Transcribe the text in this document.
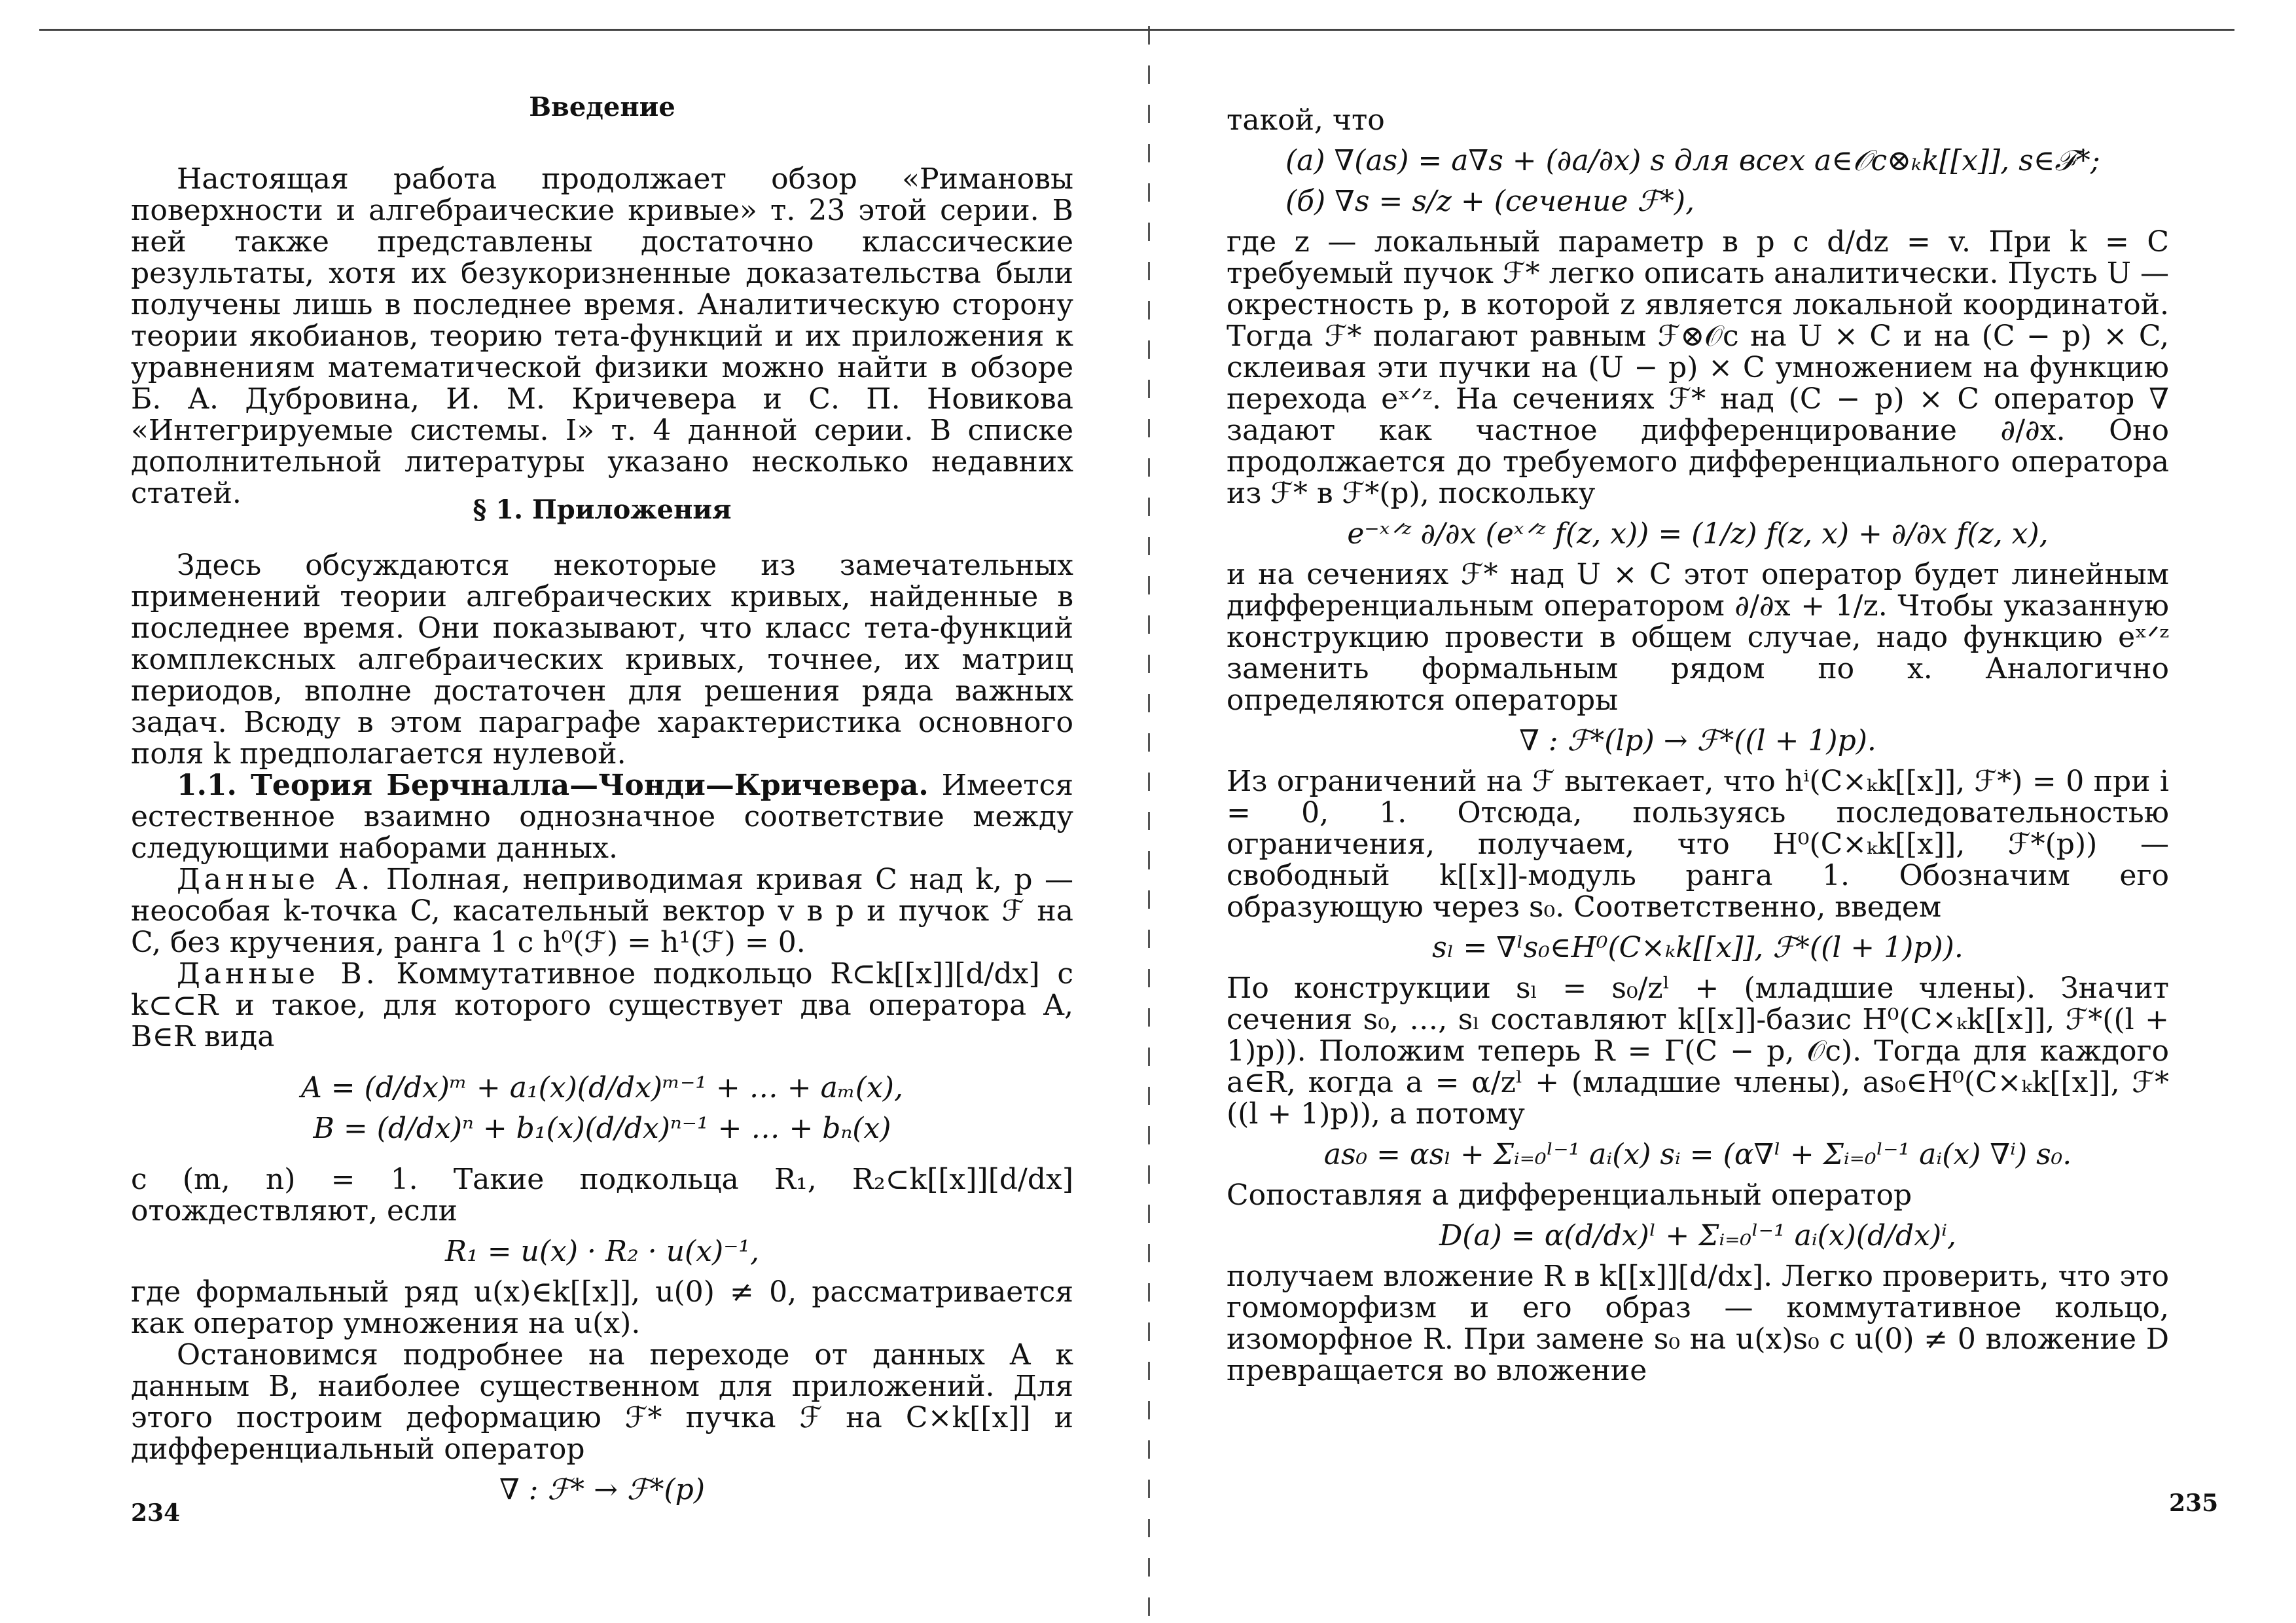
Введение

Настоящая работа продолжает обзор «Римановы поверхности и алгебраические кривые» т. 23 этой серии. В ней также представлены достаточно классические результаты, хотя их безукоризненные доказательства были получены лишь в последнее время. Аналитическую сторону теории якобианов, теорию тета-функций и их приложения к уравнениям математической физики можно найти в обзоре Б. А. Дубровина, И. М. Кричевера и С. П. Новикова «Интегрируемые системы. I» т. 4 данной серии. В списке дополнительной литературы указано несколько недавних статей.	§ 1. Приложения

Здесь обсуждаются некоторые из замечательных применений теории алгебраических кривых, найденные в последнее время. Они показывают, что класс тета-функций комплексных алгебраических кривых, точнее, их матриц периодов, вполне достаточен для решения ряда важных задач. Всюду в этом параграфе характеристика основного поля k предполагается нулевой.

1.1. Теория Берчналла—Чонди—Кричевера. Имеется естественное взаимно однозначное соответствие между следующими наборами данных.

Данные А. Полная, неприводимая кривая C над k, p — неособая k-точка C, касательный вектор v в p и пучок ℱ на C, без кручения, ранга 1 с h⁰(ℱ) = h¹(ℱ) = 0.

Данные В. Коммутативное подкольцо R⊂k[[x]][d/dx] с k⊂⊂R и такое, для которого существует два оператора A, B∈R вида

A = (d/dx)ᵐ + a₁(x)(d/dx)ᵐ⁻¹ + … + aₘ(x),

B = (d/dx)ⁿ + b₁(x)(d/dx)ⁿ⁻¹ + … + bₙ(x)

с (m, n) = 1. Такие подкольца R₁, R₂⊂k[[x]][d/dx] отождествляют, если

R₁ = u(x) · R₂ · u(x)⁻¹,

где формальный ряд u(x)∈k[[x]], u(0) ≠ 0, рассматривается как оператор умножения на u(x).

Остановимся подробнее на переходе от данных A к данным B, наиболее существенном для приложений. Для этого построим деформацию ℱ* пучка ℱ на C⨯k[[x]] и дифференциальный оператор

∇ : ℱ* → ℱ*(p)

234

такой, что

(а) ∇(as) = a∇s + (∂a/∂x) s для всех a∈𝒪c⊗ₖk[[x]], s∈ℱ*;

(б) ∇s = s/z + (сечение ℱ*),

где z — локальный параметр в p с d/dz = v. При k = C требуемый пучок ℱ* легко описать аналитически. Пусть U — окрестность p, в которой z является локальной координатой. Тогда ℱ* полагают равным ℱ⊗𝒪c на U × C и на (C − p) × C, склеивая эти пучки на (U − p) × C умножением на функцию перехода eˣᐟᶻ. На сечениях ℱ* над (C − p) × C оператор ∇ задают как частное дифференцирование ∂/∂x. Оно продолжается до требуемого дифференциального оператора из ℱ* в ℱ*(p), поскольку

e⁻ˣᐟᶻ ∂/∂x (eˣᐟᶻ f(z, x)) = (1/z) f(z, x) + ∂/∂x f(z, x),

и на сечениях ℱ* над U × C этот оператор будет линейным дифференциальным оператором ∂/∂x + 1/z. Чтобы указанную конструкцию провести в общем случае, надо функцию eˣᐟᶻ заменить формальным рядом по x. Аналогично определяются операторы

∇ : ℱ*(lp) → ℱ*((l + 1)p).

Из ограничений на ℱ вытекает, что hⁱ(C⨯ₖk[[x]], ℱ*) = 0 при i = 0, 1. Отсюда, пользуясь последовательностью ограничения, получаем, что H⁰(C⨯ₖk[[x]], ℱ*(p)) — свободный k[[x]]-модуль ранга 1. Обозначим его образующую через s₀. Соответственно, введем

sₗ = ∇ˡs₀∈H⁰(C⨯ₖk[[x]], ℱ*((l + 1)p)).

По конструкции sₗ = s₀/zˡ + (младшие члены). Значит сечения s₀, …, sₗ составляют k[[x]]-базис H⁰(C⨯ₖk[[x]], ℱ*((l + 1)p)). Положим теперь R = Γ(C − p, 𝒪c). Тогда для каждого a∈R, когда a = α/zˡ + (младшие члены), as₀∈H⁰(C⨯ₖk[[x]], ℱ*((l + 1)p)), а потому

as₀ = αsₗ + Σᵢ₌₀ˡ⁻¹ aᵢ(x) sᵢ = (α∇ˡ + Σᵢ₌₀ˡ⁻¹ aᵢ(x) ∇ⁱ) s₀.

Сопоставляя a дифференциальный оператор

D(a) = α(d/dx)ˡ + Σᵢ₌₀ˡ⁻¹ aᵢ(x)(d/dx)ⁱ,

получаем вложение R в k[[x]][d/dx]. Легко проверить, что это гомоморфизм и его образ — коммутативное кольцо, изоморфное R. При замене s₀ на u(x)s₀ с u(0) ≠ 0 вложение D превращается во вложение

235
